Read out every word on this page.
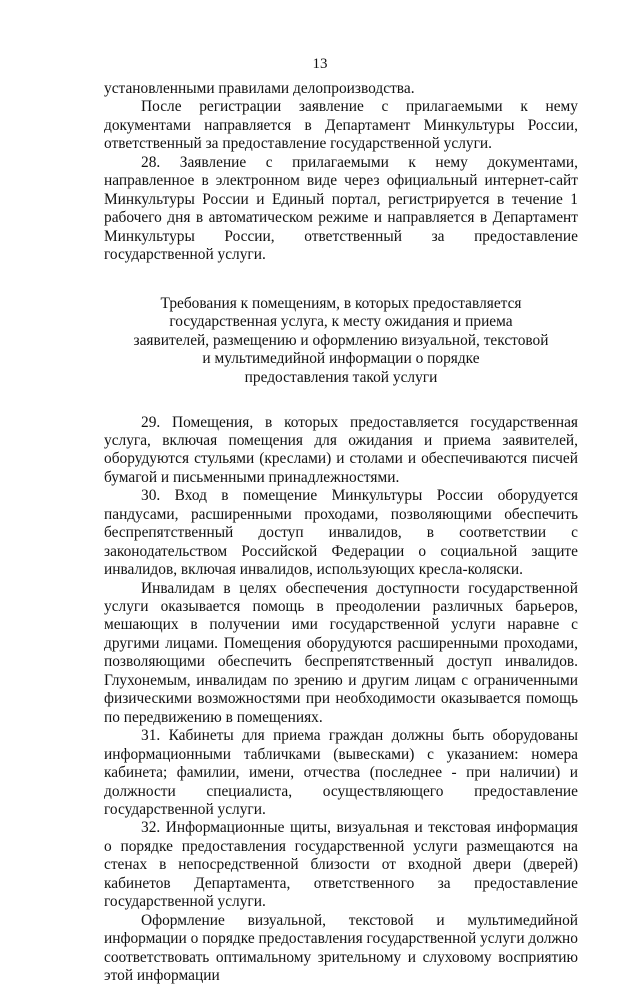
13

установленными правилами делопроизводства.

После регистрации заявление с прилагаемыми к нему документами направляется в Департамент Минкультуры России, ответственный за предоставление государственной услуги.

28. Заявление с прилагаемыми к нему документами, направленное в электронном виде через официальный интернет-сайт Минкультуры России и Единый портал, регистрируется в течение 1 рабочего дня в автоматическом режиме и направляется в Департамент Минкультуры России, ответственный за предоставление государственной услуги.

Требования к помещениям, в которых предоставляется
государственная услуга, к месту ожидания и приема
заявителей, размещению и оформлению визуальной, текстовой
и мультимедийной информации о порядке
предоставления такой услуги

29. Помещения, в которых предоставляется государственная услуга, включая помещения для ожидания и приема заявителей, оборудуются стульями (креслами) и столами и обеспечиваются писчей бумагой и письменными принадлежностями.

30. Вход в помещение Минкультуры России оборудуется пандусами, расширенными проходами, позволяющими обеспечить беспрепятственный доступ инвалидов, в соответствии с законодательством Российской Федерации о социальной защите инвалидов, включая инвалидов, использующих кресла-коляски.

Инвалидам в целях обеспечения доступности государственной услуги оказывается помощь в преодолении различных барьеров, мешающих в получении ими государственной услуги наравне с другими лицами. Помещения оборудуются расширенными проходами, позволяющими обеспечить беспрепятственный доступ инвалидов. Глухонемым, инвалидам по зрению и другим лицам с ограниченными физическими возможностями при необходимости оказывается помощь по передвижению в помещениях.

31. Кабинеты для приема граждан должны быть оборудованы информационными табличками (вывесками) с указанием: номера кабинета; фамилии, имени, отчества (последнее - при наличии) и должности специалиста, осуществляющего предоставление государственной услуги.

32. Информационные щиты, визуальная и текстовая информация о порядке предоставления государственной услуги размещаются на стенах в непосредственной близости от входной двери (дверей) кабинетов Департамента, ответственного за предоставление государственной услуги.

Оформление визуальной, текстовой и мультимедийной информации о порядке предоставления государственной услуги должно соответствовать оптимальному зрительному и слуховому восприятию этой информации
